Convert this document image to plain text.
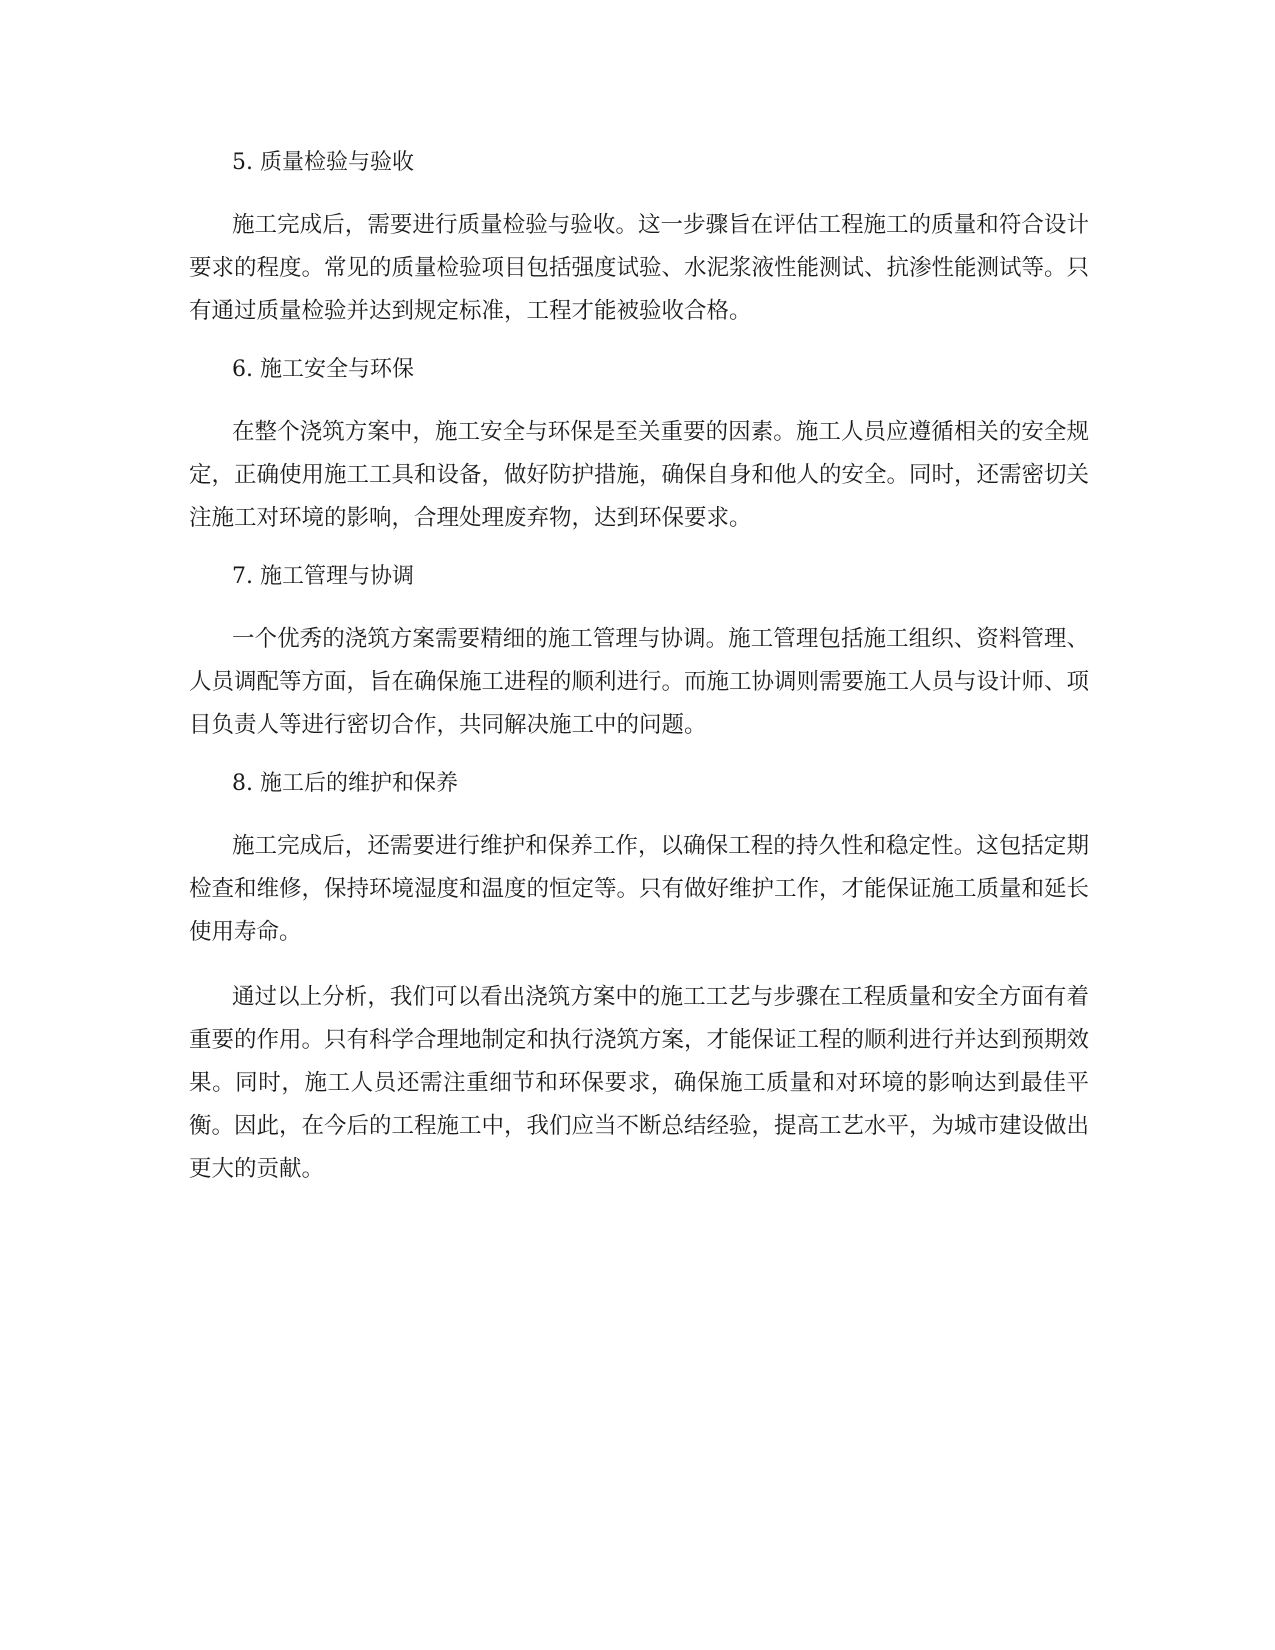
5. 质量检验与验收

施工完成后，需要进行质量检验与验收。这一步骤旨在评估工程施工的质量和符合设计要求的程度。常见的质量检验项目包括强度试验、水泥浆液性能测试、抗渗性能测试等。只有通过质量检验并达到规定标准，工程才能被验收合格。

6. 施工安全与环保

在整个浇筑方案中，施工安全与环保是至关重要的因素。施工人员应遵循相关的安全规定，正确使用施工工具和设备，做好防护措施，确保自身和他人的安全。同时，还需密切关注施工对环境的影响，合理处理废弃物，达到环保要求。

7. 施工管理与协调

一个优秀的浇筑方案需要精细的施工管理与协调。施工管理包括施工组织、资料管理、人员调配等方面，旨在确保施工进程的顺利进行。而施工协调则需要施工人员与设计师、项目负责人等进行密切合作，共同解决施工中的问题。

8. 施工后的维护和保养

施工完成后，还需要进行维护和保养工作，以确保工程的持久性和稳定性。这包括定期检查和维修，保持环境湿度和温度的恒定等。只有做好维护工作，才能保证施工质量和延长使用寿命。

通过以上分析，我们可以看出浇筑方案中的施工工艺与步骤在工程质量和安全方面有着重要的作用。只有科学合理地制定和执行浇筑方案，才能保证工程的顺利进行并达到预期效果。同时，施工人员还需注重细节和环保要求，确保施工质量和对环境的影响达到最佳平衡。因此，在今后的工程施工中，我们应当不断总结经验，提高工艺水平，为城市建设做出更大的贡献。
